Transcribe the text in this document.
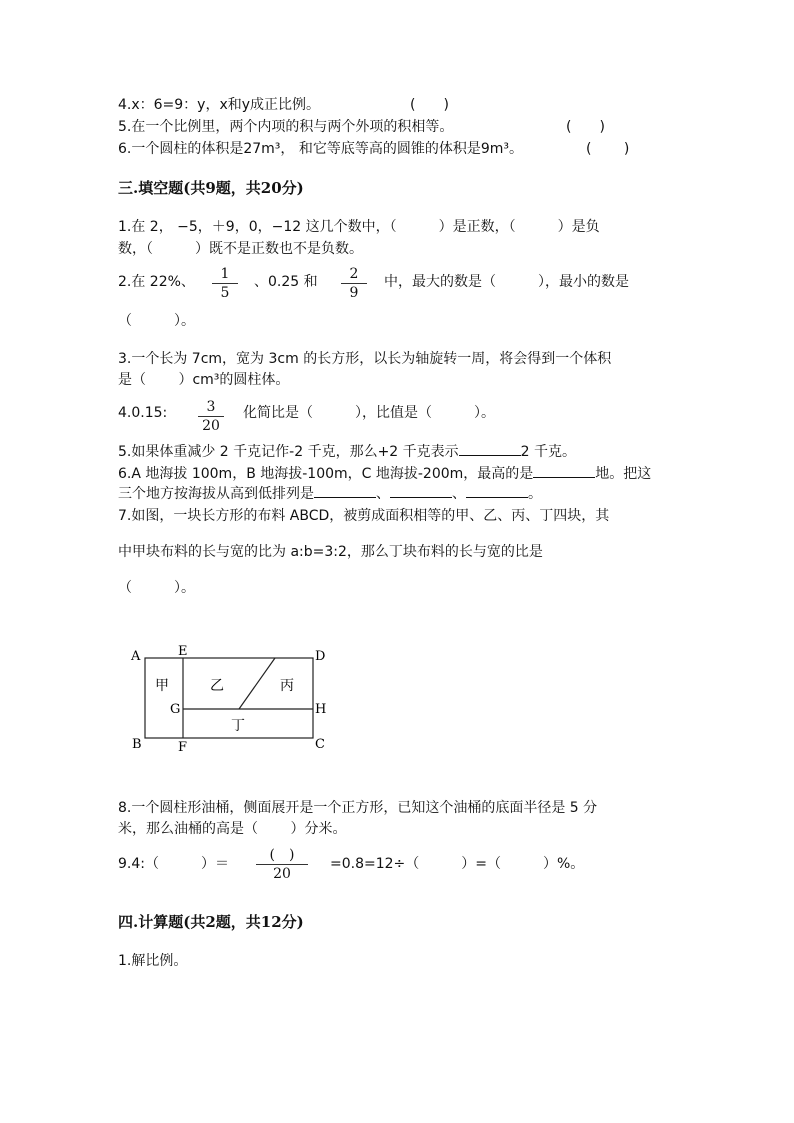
4.x：6=9：y，x和y成正比例。	(　　)
5.在一个比例里，两个内项的积与两个外项的积相等。	(　　)
6.一个圆柱的体积是27m³， 和它等底等高的圆锥的体积是9m³。	(　　 )
三.填空题(共9题，共20分)
1.在 2， −5，＋9，0，−12 这几个数中，（　　　）是正数，（　　　）是负
数，（　　　）既不是正数也不是负数。
2.在 22%、	1
5
、0.25 和	2
9
中，最大的数是（　　　），最小的数是
（　　　）。
3.一个长为 7cm，宽为 3cm 的长方形，以长为轴旋转一周，将会得到一个体积
是（　　 ）cm³的圆柱体。
4.0.15:	3
20
化简比是（　　　），比值是（　　　）。
5.如果体重减少 2 千克记作-2 千克，那么+2 千克表示	2 千克。
6.A 地海拔 100m，B 地海拔-100m，C 地海拔-200m，最高的是	地。把这
三个地方按海拔从高到低排列是	、	、	。
7.如图，一块长方形的布料 ABCD，被剪成面积相等的甲、乙、丙、丁四块，其
中甲块布料的长与宽的比为 a:b=3:2，那么丁块布料的长与宽的比是
（　　　）。
A
B	C
D
E
F
G	H
甲	乙	丙
丁
8.一个圆柱形油桶，侧面展开是一个正方形，已知这个油桶的底面半径是 5 分
米，那么油桶的高是（　　 ）分米。
9.4:（　　　）＝
(　)
20
=0.8=12÷（　　　）=（　　　）%。
四.计算题(共2题，共12分)
1.解比例。
